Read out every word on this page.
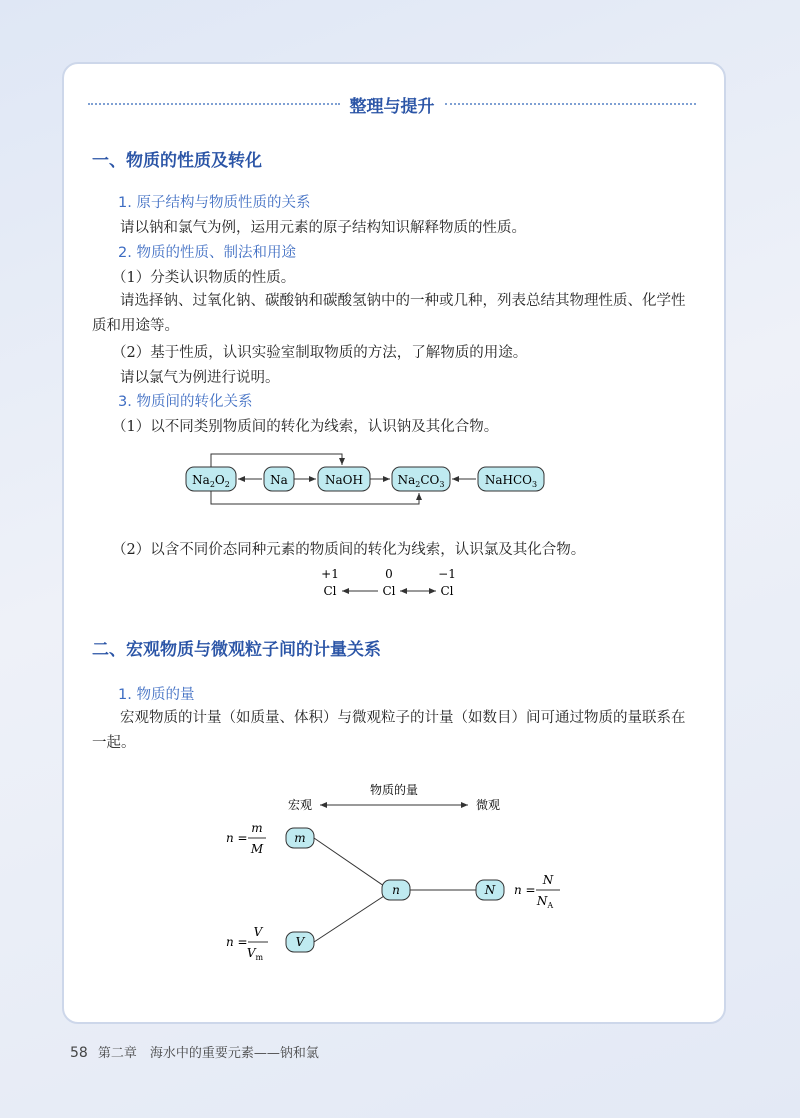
整理与提升
一、物质的性质及转化
1. 原子结构与物质性质的关系
请以钠和氯气为例，运用元素的原子结构知识解释物质的性质。
2. 物质的性质、制法和用途
（1）分类认识物质的性质。
请选择钠、过氧化钠、碳酸钠和碳酸氢钠中的一种或几种，列表总结其物理性质、化学性质和用途等。
（2）基于性质，认识实验室制取物质的方法，了解物质的用途。
请以氯气为例进行说明。
3. 物质间的转化关系
（1）以不同类别物质间的转化为线索，认识钠及其化合物。
$Na_2O_2$	Na	NaOH	$Na_2CO_3$	NaHCO$_3$
（2）以含不同价态同种元素的物质间的转化为线索，认识氯及其化合物。
+1	0	−1
Cl	Cl	Cl
二、宏观物质与微观粒子间的计量关系
1. 物质的量
宏观物质的计量（如质量、体积）与微观粒子的计量（如数目）间可通过物质的量联系在一起。
物质的量
宏观	微观
m
V
n	N
n =
m
M
n =
V
$V_m$
n =
N
$N_A$
58 第二章　海水中的重要元素——钠和氯
